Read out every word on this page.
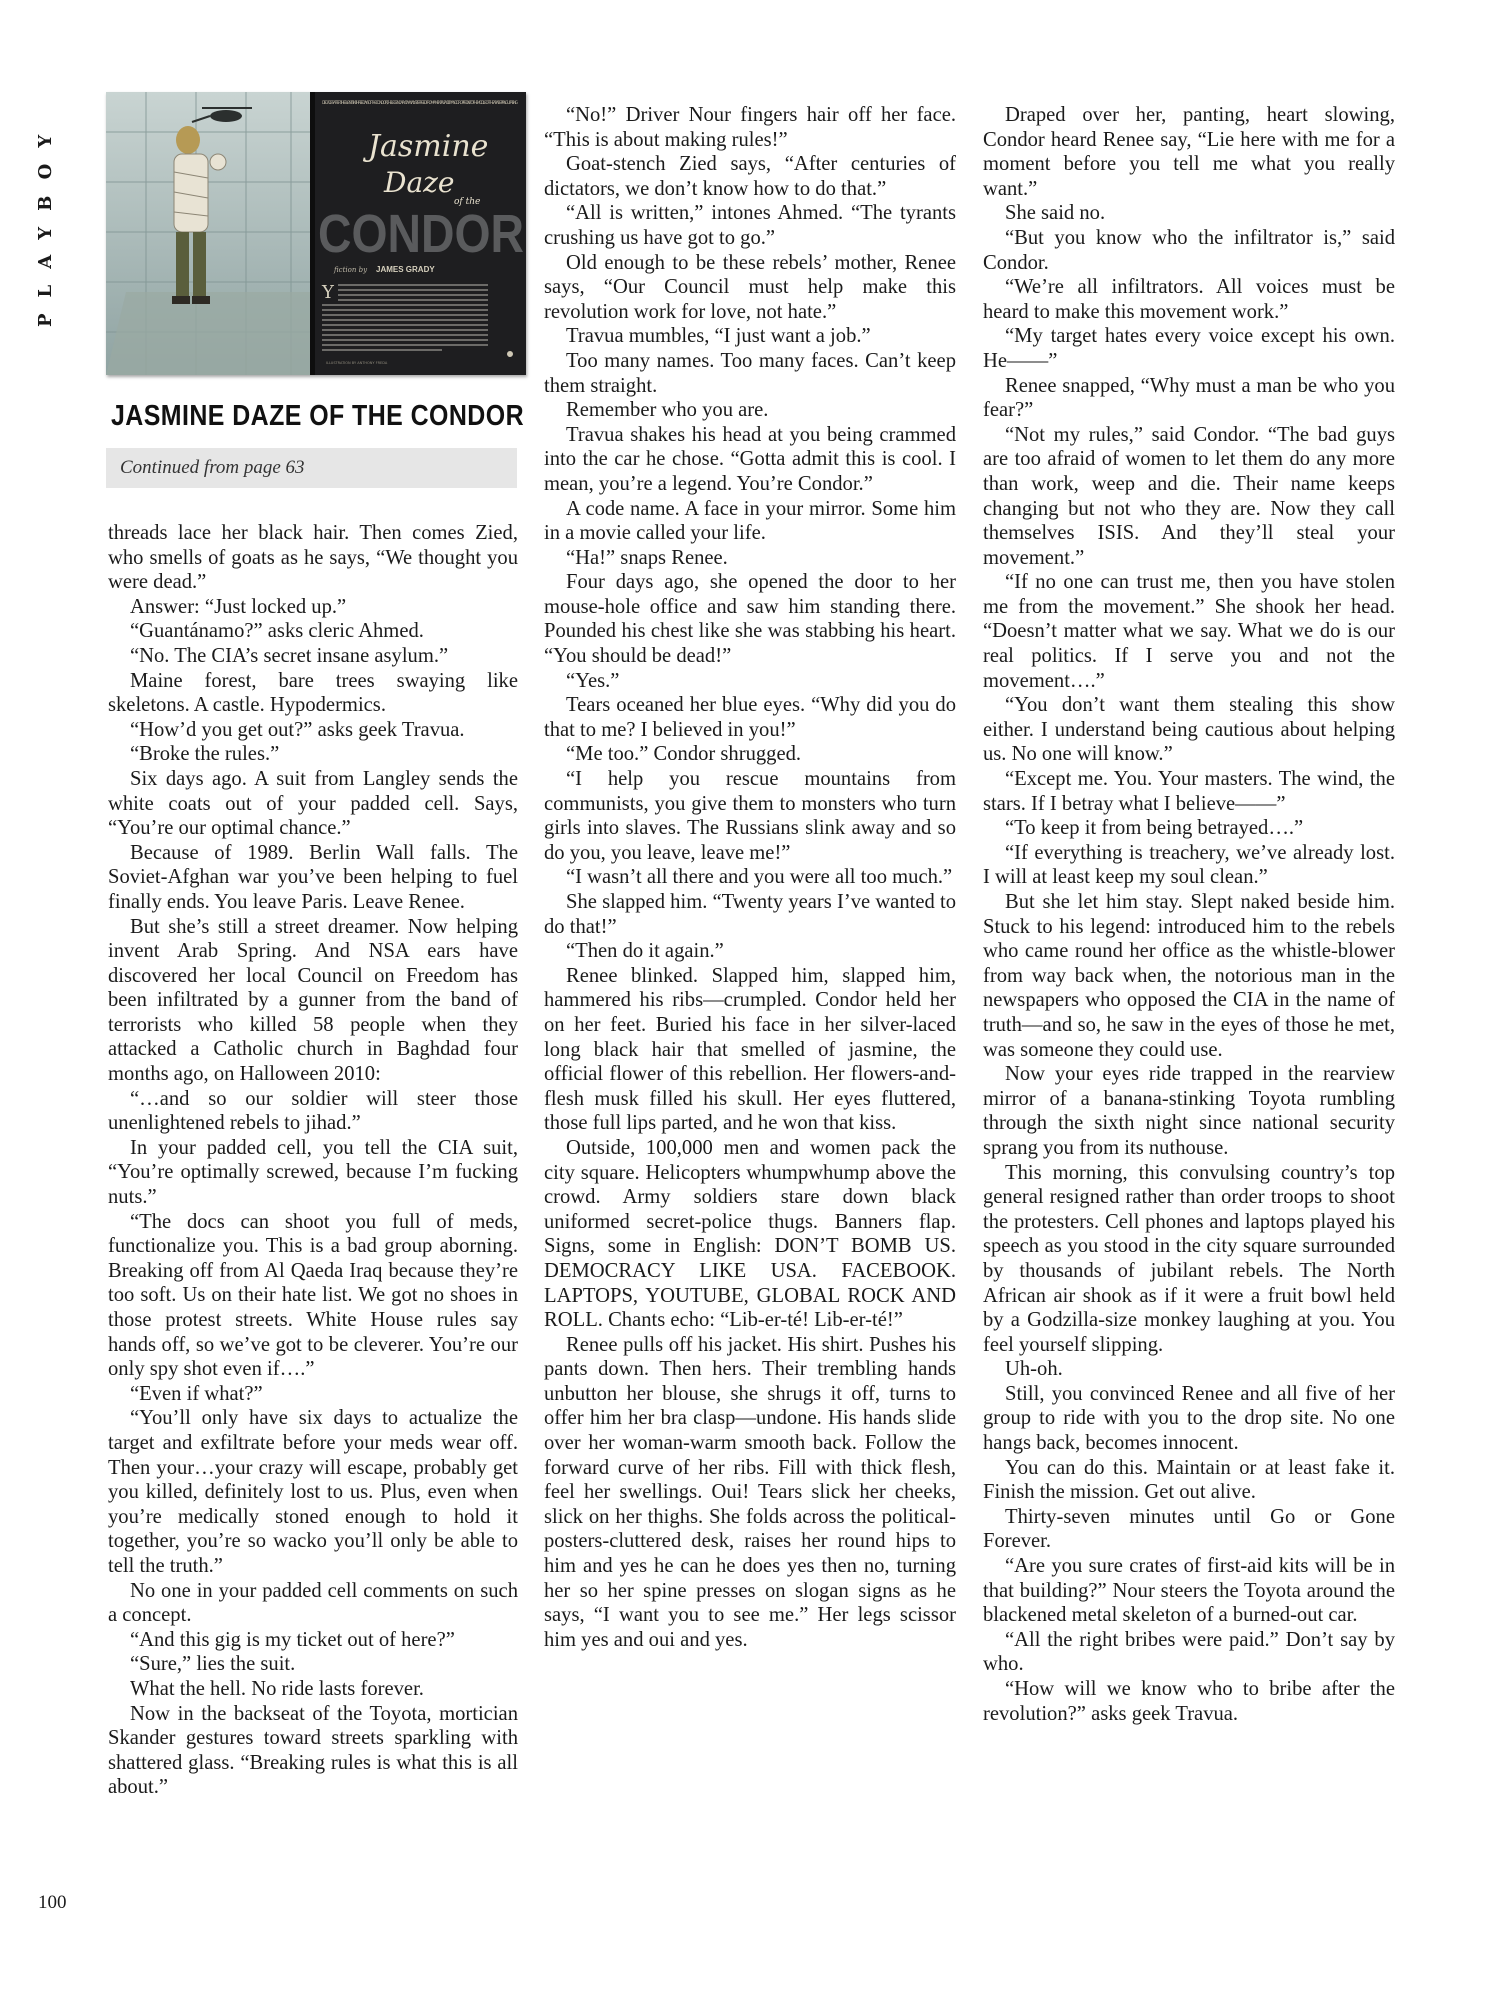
PLAYBOY
DECADES AFTER THE EVENTS IN THREE DAYS OF THE CONDOR, THE LEGENDARY CIA ANALYST IS FREED FROM A MENTAL FACILITY AND DROPPED INTO THE MIDDLE OF THE ARAB SPRING UPRISING
Jasmine
Daze
of the
CONDOR
fiction by JAMES GRADY
Y
ILLUSTRATION BY ANTHONY FREDA
JASMINE DAZE OF THE CONDOR
Continued from page 63

threads lace her black hair. Then comes Zied, who smells of goats as he says, “We thought you were dead.”

Answer: “Just locked up.”

“Guantánamo?” asks cleric Ahmed.

“No. The CIA’s secret insane asylum.”

Maine forest, bare trees swaying like skeletons. A castle. Hypodermics.

“How’d you get out?” asks geek Travua.

“Broke the rules.”

Six days ago. A suit from Langley sends the white coats out of your padded cell. Says, “You’re our optimal chance.”

Because of 1989. Berlin Wall falls. The Soviet-Afghan war you’ve been helping to fuel finally ends. You leave Paris. Leave Renee.

But she’s still a street dreamer. Now helping invent Arab Spring. And NSA ears have discovered her local Council on Freedom has been infiltrated by a gunner from the band of terrorists who killed 58 people when they attacked a Catholic church in Baghdad four months ago, on Halloween 2010:

“…and so our soldier will steer those unenlightened rebels to jihad.”

In your padded cell, you tell the CIA suit, “You’re optimally screwed, because I’m fucking nuts.”

“The docs can shoot you full of meds, functionalize you. This is a bad group aborning. Breaking off from Al Qaeda Iraq because they’re too soft. Us on their hate list. We got no shoes in those protest streets. White House rules say hands off, so we’ve got to be cleverer. You’re our only spy shot even if….”

“Even if what?”

“You’ll only have six days to actualize the target and exfiltrate before your meds wear off. Then your…your crazy will escape, probably get you killed, definitely lost to us. Plus, even when you’re medically stoned enough to hold it together, you’re so wacko you’ll only be able to tell the truth.”

No one in your padded cell comments on such a concept.

“And this gig is my ticket out of here?”

“Sure,” lies the suit.

What the hell. No ride lasts forever.

Now in the backseat of the Toyota, mortician Skander gestures toward streets sparkling with shattered glass. “Breaking rules is what this is all about.”

“No!” Driver Nour fingers hair off her face. “This is about making rules!”

Goat-stench Zied says, “After centuries of dictators, we don’t know how to do that.”

“All is written,” intones Ahmed. “The tyrants crushing us have got to go.”

Old enough to be these rebels’ mother, Renee says, “Our Council must help make this revolution work for love, not hate.”

Travua mumbles, “I just want a job.”

Too many names. Too many faces. Can’t keep them straight.

Remember who you are.

Travua shakes his head at you being crammed into the car he chose. “Gotta admit this is cool. I mean, you’re a legend. You’re Condor.”

A code name. A face in your mirror. Some him in a movie called your life.

“Ha!” snaps Renee.

Four days ago, she opened the door to her mouse-hole office and saw him standing there. Pounded his chest like she was stabbing his heart. “You should be dead!”

“Yes.”

Tears oceaned her blue eyes. “Why did you do that to me? I believed in you!”

“Me too.” Condor shrugged.

“I help you rescue mountains from communists, you give them to monsters who turn girls into slaves. The Russians slink away and so do you, you leave, leave me!”

“I wasn’t all there and you were all too much.”

She slapped him. “Twenty years I’ve wanted to do that!”

“Then do it again.”

Renee blinked. Slapped him, slapped him, hammered his ribs—crumpled. Condor held her on her feet. Buried his face in her silver-laced long black hair that smelled of jasmine, the official flower of this rebellion. Her flowers-and-flesh musk filled his skull. Her eyes fluttered, those full lips parted, and he won that kiss.

Outside, 100,000 men and women pack the city square. Helicopters whumpwhump above the crowd. Army soldiers stare down black uniformed secret-police thugs. Banners flap. Signs, some in English: DON’T BOMB US. DEMOCRACY LIKE USA. FACEBOOK. LAPTOPS, YOUTUBE, GLOBAL ROCK AND ROLL. Chants echo: “Lib-er-té! Lib-er-té!”

Renee pulls off his jacket. His shirt. Pushes his pants down. Then hers. Their trembling hands unbutton her blouse, she shrugs it off, turns to offer him her bra clasp—undone. His hands slide over her woman-warm smooth back. Follow the forward curve of her ribs. Fill with thick flesh, feel her swellings. Oui! Tears slick her cheeks, slick on her thighs. She folds across the political-posters-cluttered desk, raises her round hips to him and yes he can he does yes then no, turning her so her spine presses on slogan signs as he says, “I want you to see me.” Her legs scissor him yes and oui and yes.

Draped over her, panting, heart slowing, Condor heard Renee say, “Lie here with me for a moment before you tell me what you really want.”

She said no.

“But you know who the infiltrator is,” said Condor.

“We’re all infiltrators. All voices must be heard to make this movement work.”

“My target hates every voice except his own. He——”

Renee snapped, “Why must a man be who you fear?”

“Not my rules,” said Condor. “The bad guys are too afraid of women to let them do any more than work, weep and die. Their name keeps changing but not who they are. Now they call themselves ISIS. And they’ll steal your movement.”

“If no one can trust me, then you have stolen me from the movement.” She shook her head. “Doesn’t matter what we say. What we do is our real politics. If I serve you and not the movement….”

“You don’t want them stealing this show either. I understand being cautious about helping us. No one will know.”

“Except me. You. Your masters. The wind, the stars. If I betray what I believe——”

“To keep it from being betrayed….”

“If everything is treachery, we’ve already lost. I will at least keep my soul clean.”

But she let him stay. Slept naked beside him. Stuck to his legend: introduced him to the rebels who came round her office as the whistle-blower from way back when, the notorious man in the newspapers who opposed the CIA in the name of truth—and so, he saw in the eyes of those he met, was someone they could use.

Now your eyes ride trapped in the rearview mirror of a banana-stinking Toyota rumbling through the sixth night since national security sprang you from its nuthouse.

This morning, this convulsing country’s top general resigned rather than order troops to shoot the protesters. Cell phones and laptops played his speech as you stood in the city square surrounded by thousands of jubilant rebels. The North African air shook as if it were a fruit bowl held by a Godzilla-size monkey laughing at you. You feel yourself slipping.

Uh-oh.

Still, you convinced Renee and all five of her group to ride with you to the drop site. No one hangs back, becomes innocent.

You can do this. Maintain or at least fake it. Finish the mission. Get out alive.

Thirty-seven minutes until Go or Gone Forever.

“Are you sure crates of first-aid kits will be in that building?” Nour steers the Toyota around the blackened metal skeleton of a burned-out car.

“All the right bribes were paid.” Don’t say by who.

“How will we know who to bribe after the revolution?” asks geek Travua.

100
